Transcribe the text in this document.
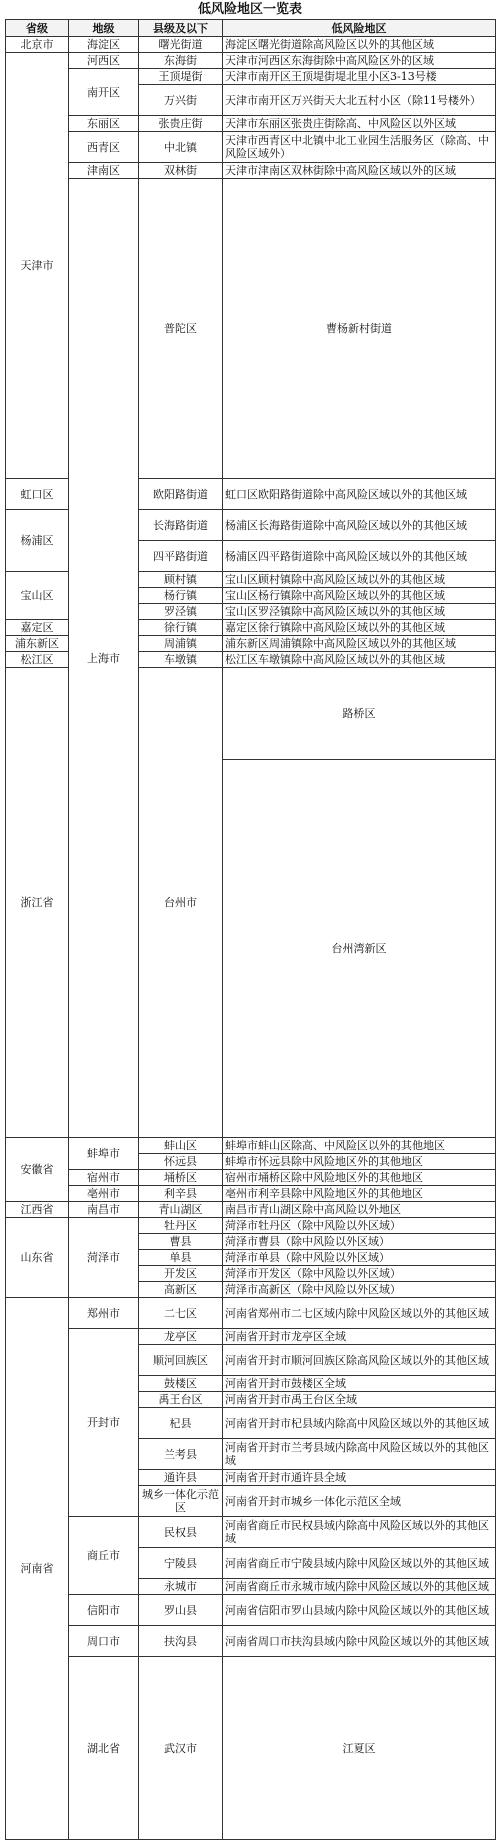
低风险地区一览表
省级	地级	县级及以下	低风险地区	
北京市	海淀区	曙光街道	海淀区曙光街道除高风险区以外的其他区域	
天津市	河西区	东海街	天津市河西区东海街除中高风险区外的区域	
	南开区	王顶堤街	天津市南开区王顶堤街堤北里小区3-13号楼	
		万兴街	天津市南开区万兴街天大北五村小区（除11号楼外）	
	东丽区	张贵庄街	天津市东丽区张贵庄街除高、中风险区以外区域	
	西青区	中北镇	天津市西青区中北镇中北工业园生活服务区（除高、中风险区域外）	
	津南区	双林街	天津市津南区双林街除中高风险区域以外的区域	
	上海市	普陀区	曹杨新村街道	
虹口区		欧阳路街道	虹口区欧阳路街道除中高风险区域以外的其他区域	
杨浦区		长海路街道	杨浦区长海路街道除中高风险区域以外的其他区域	
		四平路街道	杨浦区四平路街道除中高风险区域以外的其他区域	
宝山区		顾村镇	宝山区顾村镇除中高风险区域以外的其他区域	
		杨行镇	宝山区杨行镇除中高风险区域以外的其他区域	
		罗泾镇	宝山区罗泾镇除中高风险区域以外的其他区域	
嘉定区		徐行镇	嘉定区徐行镇除中高风险区域以外的其他区域	
浦东新区		周浦镇	浦东新区周浦镇除中高风险区域以外的其他区域	
松江区		车墩镇	松江区车墩镇除中高风险区域以外的其他区域	
浙江省		台州市	路桥区	
			台州湾新区	
安徽省	蚌埠市	蚌山区	蚌埠市蚌山区除高、中风险区以外的其他地区	
		怀远县	蚌埠市怀远县除中风险地区外的其他地区	
	宿州市	埇桥区	宿州市埇桥区除中风险地区外的其他地区	
	亳州市	利辛县	亳州市利辛县除中风险地区外的其他地区	
江西省	南昌市	青山湖区	南昌市青山湖区除中高风险以外地区	
山东省	菏泽市	牡丹区	菏泽市牡丹区（除中风险以外区域）	
		曹县	菏泽市曹县（除中风险以外区域）	
		单县	菏泽市单县（除中风险以外区域）	
		开发区	菏泽市开发区（除中风险以外区域）	
		高新区	菏泽市高新区（除中风险以外区域）	
河南省	郑州市	二七区	河南省郑州市二七区域内除中风险区域以外的其他区域	
	开封市	龙亭区	河南省开封市龙亭区全域	
		顺河回族区	河南省开封市顺河回族区除高风险区域以外的其他区域	
		鼓楼区	河南省开封市鼓楼区全域	
		禹王台区	河南省开封市禹王台区全域	
		杞县	河南省开封市杞县域内除高中风险区域以外的其他区域	
		兰考县	河南省开封市兰考县域内除高中风险区域以外的其他区域	
		通许县	河南省开封市通许县全域	
		城乡一体化示范区	河南省开封市城乡一体化示范区全域	
	商丘市	民权县	河南省商丘市民权县域内除高中风险区域以外的其他区域	
		宁陵县	河南省商丘市宁陵县域内除中风险区域以外的其他区域	
		永城市	河南省商丘市永城市域内除中风险区域以外的其他区域	
	信阳市	罗山县	河南省信阳市罗山县域内除中风险区域以外的其他区域	
	周口市	扶沟县	河南省周口市扶沟县域内除中风险区域以外的其他区域	
	湖北省	武汉市	江夏区	
